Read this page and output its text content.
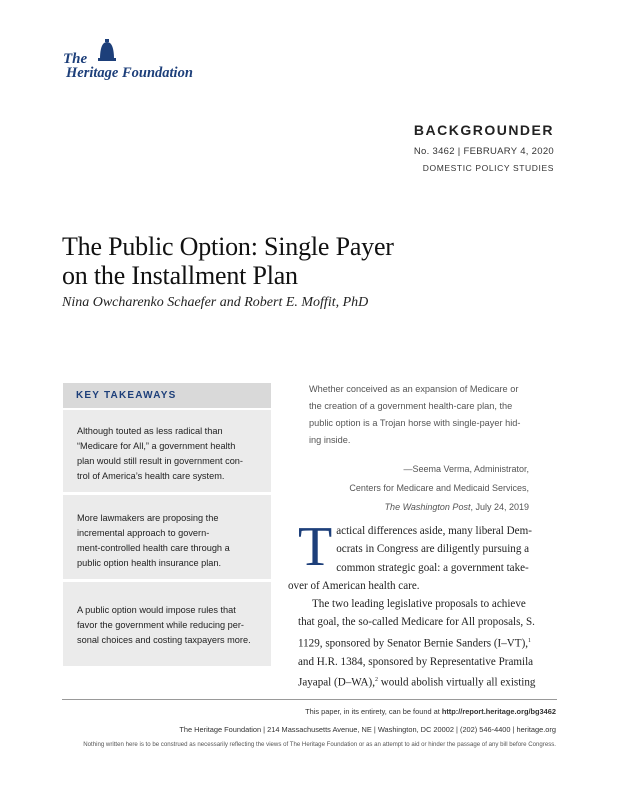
The
Heritage Foundation
BACKGROUNDER
No. 3462 | FEBRUARY 4, 2020
DOMESTIC POLICY STUDIES
The Public Option: Single Payer
on the Installment Plan
Nina Owcharenko Schaefer and Robert E. Moffit, PhD
KEY TAKEAWAYS
Although touted as less radical than
“Medicare for All,” a government health
plan would still result in government con-
trol of America’s health care system.
More lawmakers are proposing the
incremental approach to govern-
ment-controlled health care through a
public option health insurance plan.
A public option would impose rules that
favor the government while reducing per-
sonal choices and costing taxpayers more.
Whether conceived as an expansion of Medicare or
the creation of a government health-care plan, the
public option is a Trojan horse with single-payer hid-
ing inside.
—Seema Verma, Administrator,
Centers for Medicare and Medicaid Services,
The Washington Post, July 24, 2019
T actical differences aside, many liberal Dem-
ocrats in Congress are diligently pursuing a
common strategic goal: a government take-
over of American health care.
The two leading legislative proposals to achieve
that goal, the so-called Medicare for All proposals, S.
1129, sponsored by Senator Bernie Sanders (I–VT),$^1$
and H.R. 1384, sponsored by Representative Pramila
Jayapal (D–WA),$^2$ would abolish virtually all existing
This paper, in its entirety, can be found at http://report.heritage.org/bg3462
The Heritage Foundation | 214 Massachusetts Avenue, NE | Washington, DC 20002 | (202) 546-4400 | heritage.org
Nothing written here is to be construed as necessarily reflecting the views of The Heritage Foundation or as an attempt to aid or hinder the passage of any bill before Congress.
